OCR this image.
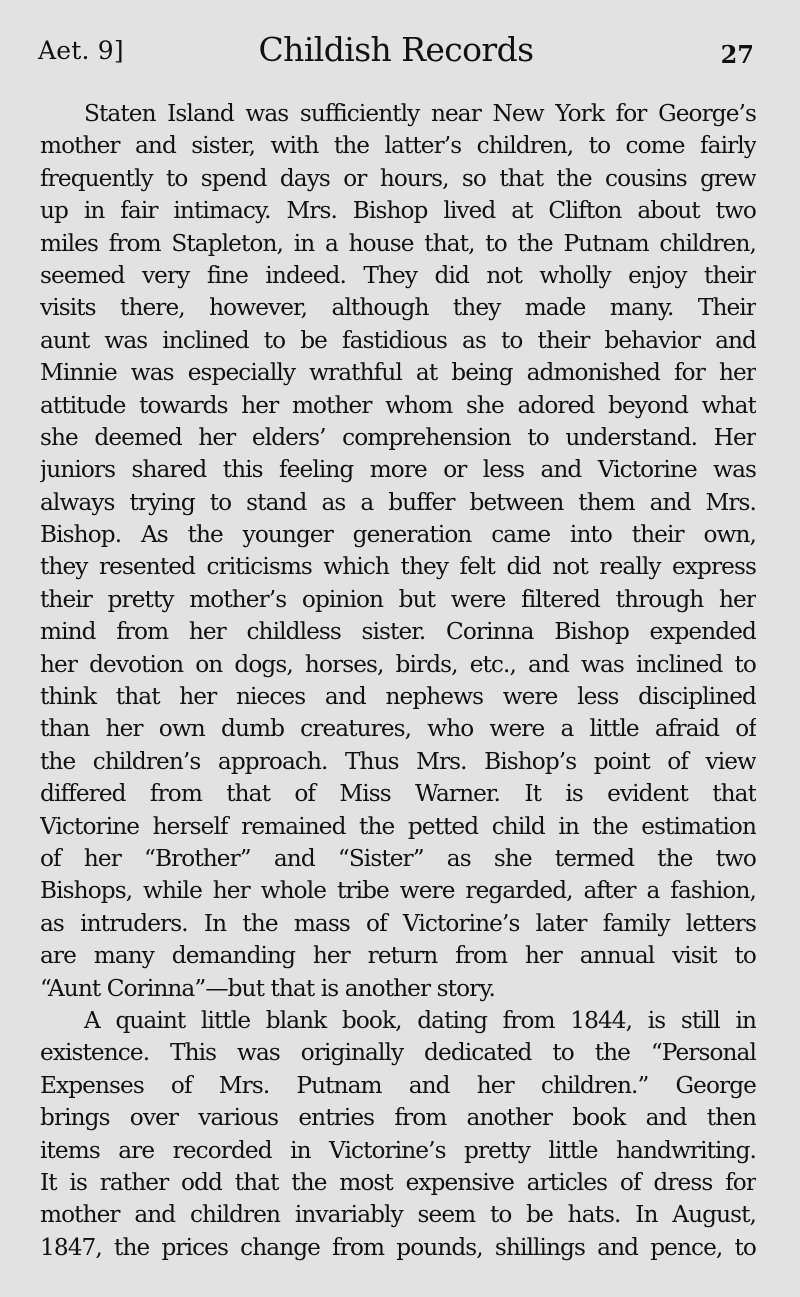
Aet. 9]	Childish Records	27
Staten Island was sufficiently near New York for George’s
mother and sister, with the latter’s children, to come fairly
frequently to spend days or hours, so that the cousins grew
up in fair intimacy. Mrs. Bishop lived at Clifton about two
miles from Stapleton, in a house that, to the Putnam children,
seemed very fine indeed. They did not wholly enjoy their
visits there, however, although they made many. Their
aunt was inclined to be fastidious as to their behavior and
Minnie was especially wrathful at being admonished for her
attitude towards her mother whom she adored beyond what
she deemed her elders’ comprehension to understand. Her
juniors shared this feeling more or less and Victorine was
always trying to stand as a buffer between them and Mrs.
Bishop. As the younger generation came into their own,
they resented criticisms which they felt did not really express
their pretty mother’s opinion but were filtered through her
mind from her childless sister. Corinna Bishop expended
her devotion on dogs, horses, birds, etc., and was inclined to
think that her nieces and nephews were less disciplined
than her own dumb creatures, who were a little afraid of
the children’s approach. Thus Mrs. Bishop’s point of view
differed from that of Miss Warner. It is evident that
Victorine herself remained the petted child in the estimation
of her “Brother” and “Sister” as she termed the two
Bishops, while her whole tribe were regarded, after a fashion,
as intruders. In the mass of Victorine’s later family letters
are many demanding her return from her annual visit to
“Aunt Corinna”—but that is another story.
A quaint little blank book, dating from 1844, is still in
existence. This was originally dedicated to the “Personal
Expenses of Mrs. Putnam and her children.” George
brings over various entries from another book and then
items are recorded in Victorine’s pretty little handwriting.
It is rather odd that the most expensive articles of dress for
mother and children invariably seem to be hats. In August,
1847, the prices change from pounds, shillings and pence, to
